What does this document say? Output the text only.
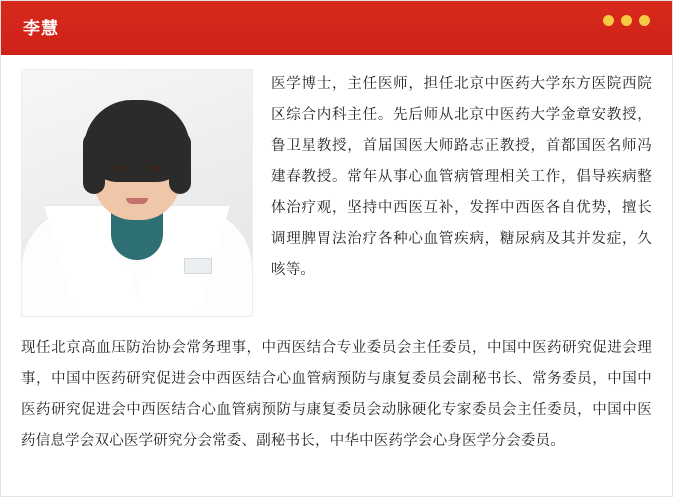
李慧
医学博士，主任医师，担任北京中医药大学东方医院西院区综合内科主任。先后师从北京中医药大学金章安教授，鲁卫星教授，首届国医大师路志正教授，首都国医名师冯建春教授。常年从事心血管病管理相关工作，倡导疾病整体治疗观，坚持中西医互补，发挥中西医各自优势，擅长调理脾胃法治疗各种心血管疾病，糖尿病及其并发症，久咳等。
现任北京高血压防治协会常务理事，中西医结合专业委员会主任委员，中国中医药研究促进会理事，中国中医药研究促进会中西医结合心血管病预防与康复委员会副秘书长、常务委员，中国中医药研究促进会中西医结合心血管病预防与康复委员会动脉硬化专家委员会主任委员，中国中医药信息学会双心医学研究分会常委、副秘书长，中华中医药学会心身医学分会委员。
